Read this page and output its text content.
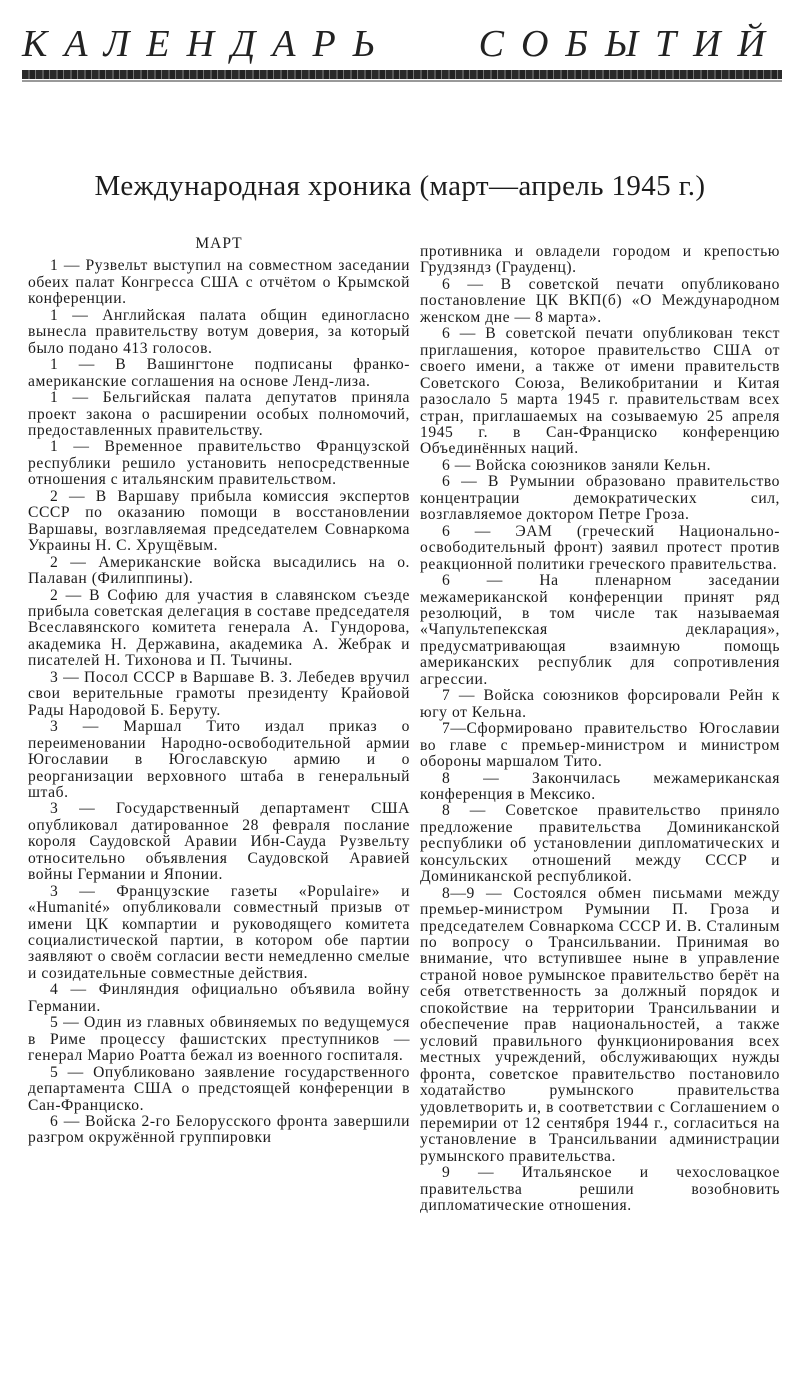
КАЛЕНДАРЬ СОБЫТИЙ
Международная хроника (март—апрель 1945 г.)
МАРТ

1 — Рузвельт выступил на совместном заседании обеих палат Конгресса США с отчётом о Крымской конференции.

1 — Английская палата общин единогласно вынесла правительству вотум доверия, за который было подано 413 голосов.

1 — В Вашингтоне подписаны франко-американские соглашения на основе Ленд-лиза.

1 — Бельгийская палата депутатов приняла проект закона о расширении особых полномочий, предоставленных правительству.

1 — Временное правительство Французской республики решило установить непосредственные отношения с итальянским правительством.

2 — В Варшаву прибыла комиссия экспертов СССР по оказанию помощи в восстановлении Варшавы, возглавляемая председателем Совнаркома Украины Н. С. Хрущёвым.

2 — Американские войска высадились на о. Палаван (Филиппины).

2 — В Софию для участия в славянском съезде прибыла советская делегация в составе председателя Всеславянского комитета генерала А. Гундорова, академика Н. Державина, академика А. Жебрак и писателей Н. Тихонова и П. Тычины.

3 — Посол СССР в Варшаве В. З. Лебедев вручил свои верительные грамоты президенту Крайовой Рады Народовой Б. Беруту.

3 — Маршал Тито издал приказ о переименовании Народно-освободительной армии Югославии в Югославскую армию и о реорганизации верховного штаба в генеральный штаб.

3 — Государственный департамент США опубликовал датированное 28 февраля послание короля Саудовской Аравии Ибн-Сауда Рузвельту относительно объявления Саудовской Аравией войны Германии и Японии.

3 — Французские газеты «Populaire» и «Humanité» опубликовали совместный призыв от имени ЦК компартии и руководящего комитета социалистической партии, в котором обе партии заявляют о своём согласии вести немедленно смелые и созидательные совместные действия.

4 — Финляндия официально объявила войну Германии.

5 — Один из главных обвиняемых по ведущемуся в Риме процессу фашистских преступников — генерал Марио Роатта бежал из военного госпиталя.

5 — Опубликовано заявление государственного департамента США о предстоящей конференции в Сан-Франциско.

6 — Войска 2-го Белорусского фронта завершили разгром окружённой группировки

противника и овладели городом и крепостью Грудзяндз (Грауденц).

6 — В советской печати опубликовано постановление ЦК ВКП(б) «О Международном женском дне — 8 марта».

6 — В советской печати опубликован текст приглашения, которое правительство США от своего имени, а также от имени правительств Советского Союза, Великобритании и Китая разослало 5 марта 1945 г. правительствам всех стран, приглашаемых на созываемую 25 апреля 1945 г. в Сан-Франциско конференцию Объединённых наций.

6 — Войска союзников заняли Кельн.

6 — В Румынии образовано правительство концентрации демократических сил, возглавляемое доктором Петре Гроза.

6 — ЭАМ (греческий Национально-освободительный фронт) заявил протест против реакционной политики греческого правительства.

6 — На пленарном заседании межамериканской конференции принят ряд резолюций, в том числе так называемая «Чапультепекская декларация», предусматривающая взаимную помощь американских республик для сопротивления агрессии.

7 — Войска союзников форсировали Рейн к югу от Кельна.

7—Сформировано правительство Югославии во главе с премьер-министром и министром обороны маршалом Тито.

8 — Закончилась межамериканская конференция в Мексико.

8 — Советское правительство приняло предложение правительства Доминиканской республики об установлении дипломатических и консульских отношений между СССР и Доминиканской республикой.

8—9 — Состоялся обмен письмами между премьер-министром Румынии П. Гроза и председателем Совнаркома СССР И. В. Сталиным по вопросу о Трансильвании. Принимая во внимание, что вступившее ныне в управление страной новое румынское правительство берёт на себя ответственность за должный порядок и спокойствие на территории Трансильвании и обеспечение прав национальностей, а также условий правильного функционирования всех местных учреждений, обслуживающих нужды фронта, советское правительство постановило ходатайство румынского правительства удовлетворить и, в соответствии с Соглашением о перемирии от 12 сентября 1944 г., согласиться на установление в Трансильвании администрации румынского правительства.

9 — Итальянское и чехословацкое правительства решили возобновить дипломатические отношения.
